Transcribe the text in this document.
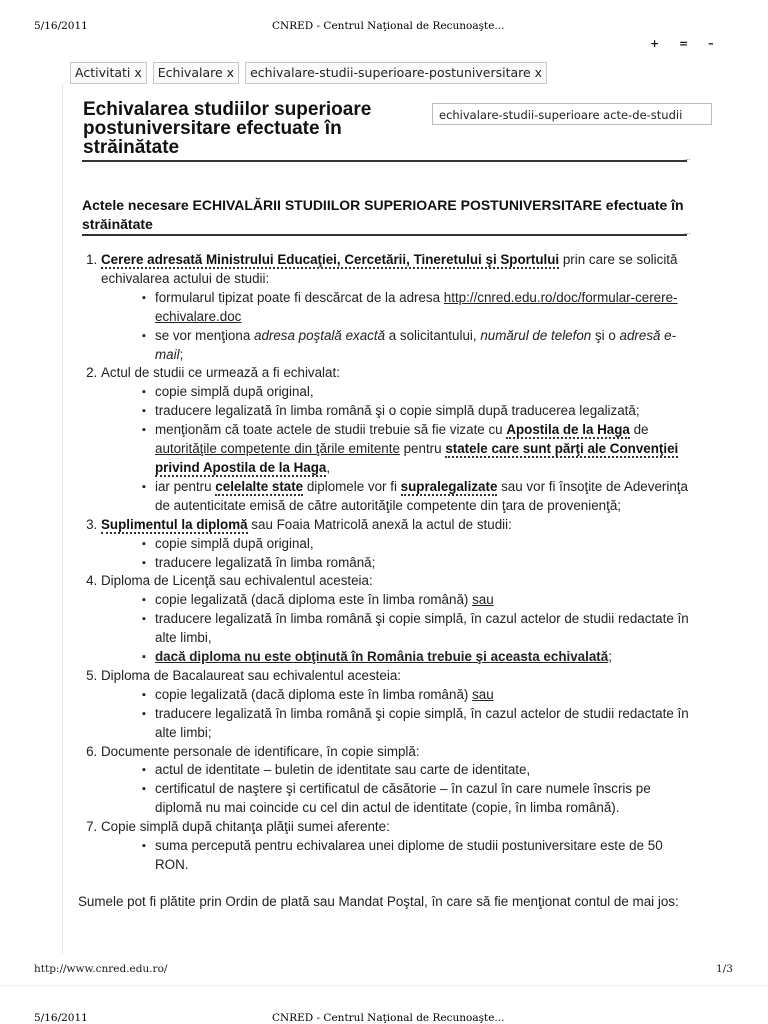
5/16/2011	CNRED - Centrul Naţional de Recunoaşte...
+ = –
Activitati x	Echivalare x	echivalare-studii-superioare-postuniversitare x
Echivalarea studiilor superioare postuniversitare efectuate în străinătate
echivalare-studii-superioare acte-de-studii
...
Actele necesare ECHIVALĂRII STUDIILOR SUPERIOARE POSTUNIVERSITARE efectuate în străinătate	...
1. Cerere adresată Ministrului Educaţiei, Cercetării, Tineretului şi Sportului prin care se solicită echivalarea actului de studii:
▪ formularul tipizat poate fi descărcat de la adresa http://cnred.edu.ro/doc/formular-cerere-echivalare.doc
▪ se vor menţiona adresa poştală exactă a solicitantului, numărul de telefon şi o adresă e-mail;
2. Actul de studii ce urmează a fi echivalat:
▪ copie simplă după original,
▪ traducere legalizată în limba română şi o copie simplă după traducerea legalizată;
▪ menţionăm că toate actele de studii trebuie să fie vizate cu Apostila de la Haga de autorităţile competente din ţările emitente pentru statele care sunt părţi ale Convenţiei privind Apostila de la Haga,
▪ iar pentru celelalte state diplomele vor fi supralegalizate sau vor fi însoţite de Adeverinţa de autenticitate emisă de către autorităţile competente din ţara de provenienţă;
3. Suplimentul la diplomă sau Foaia Matricolă anexă la actul de studii:
▪ copie simplă după original,
▪ traducere legalizată în limba română;
4. Diploma de Licenţă sau echivalentul acesteia:
▪ copie legalizată (dacă diploma este în limba română) sau
▪ traducere legalizată în limba română şi copie simplă, în cazul actelor de studii redactate în alte limbi,
▪ dacă diploma nu este obţinută în România trebuie şi aceasta echivalată;
5. Diploma de Bacalaureat sau echivalentul acesteia:
▪ copie legalizată (dacă diploma este în limba română) sau
▪ traducere legalizată în limba română şi copie simplă, în cazul actelor de studii redactate în alte limbi;
6. Documente personale de identificare, în copie simplă:
▪ actul de identitate – buletin de identitate sau carte de identitate,
▪ certificatul de naştere şi certificatul de căsătorie – în cazul în care numele înscris pe diplomă nu mai coincide cu cel din actul de identitate (copie, în limba română).
7. Copie simplă după chitanţa plăţii sumei aferente:
▪ suma percepută pentru echivalarea unei diplome de studii postuniversitare este de 50 RON.
Sumele pot fi plătite prin Ordin de plată sau Mandat Poştal, în care să fie menţionat contul de mai jos:
http://www.cnred.edu.ro/	1/3
5/16/2011	CNRED - Centrul Naţional de Recunoaşte...
